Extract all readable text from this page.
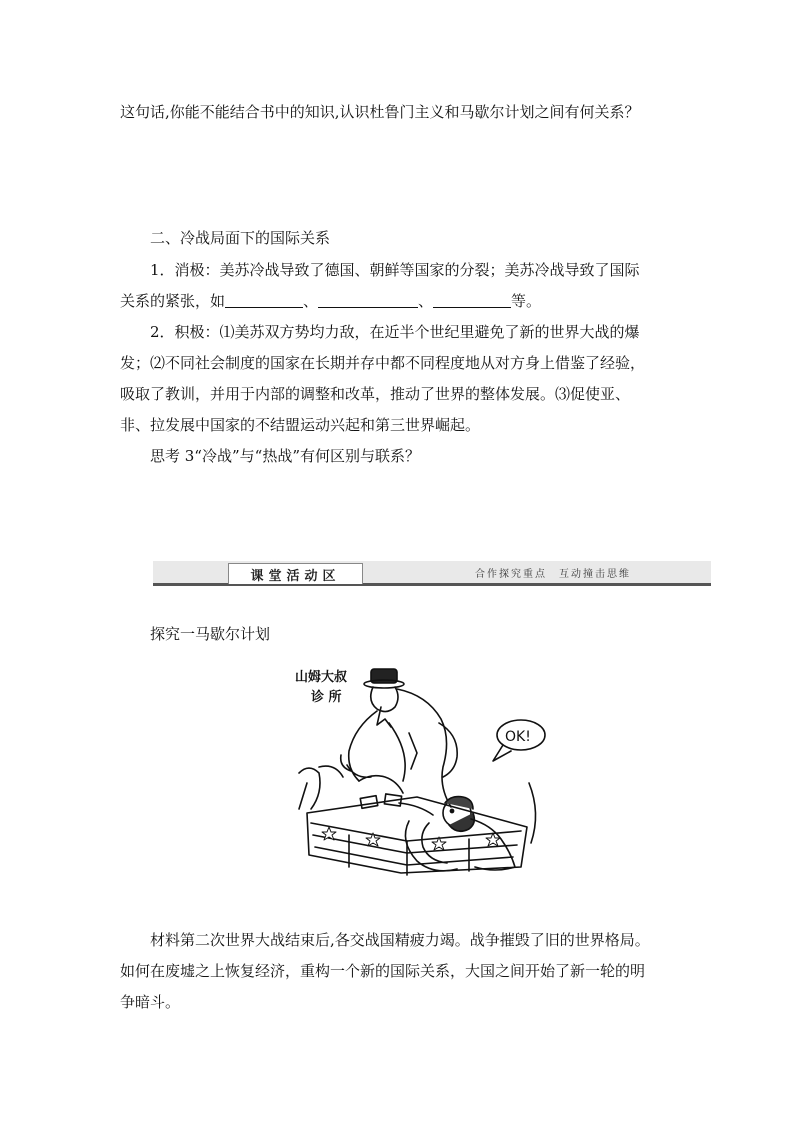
这句话,你能不能结合书中的知识,认识杜鲁门主义和马歇尔计划之间有何关系？
二、冷战局面下的国际关系
1．消极：美苏冷战导致了德国、朝鲜等国家的分裂；美苏冷战导致了国际
关系的紧张，如	、	、	等。
2．积极：⑴美苏双方势均力敌，在近半个世纪里避免了新的世界大战的爆
发；⑵不同社会制度的国家在长期并存中都不同程度地从对方身上借鉴了经验，
吸取了教训，并用于内部的调整和改革，推动了世界的整体发展。⑶促使亚、
非、拉发展中国家的不结盟运动兴起和第三世界崛起。
思考 3“冷战”与“热战”有何区别与联系？
课堂活动区	合作探究重点　互动撞击思维
探究一马歇尔计划
山姆大叔
诊 所
OK!
材料第二次世界大战结束后,各交战国精疲力竭。战争摧毁了旧的世界格局。
如何在废墟之上恢复经济，重构一个新的国际关系，大国之间开始了新一轮的明
争暗斗。
